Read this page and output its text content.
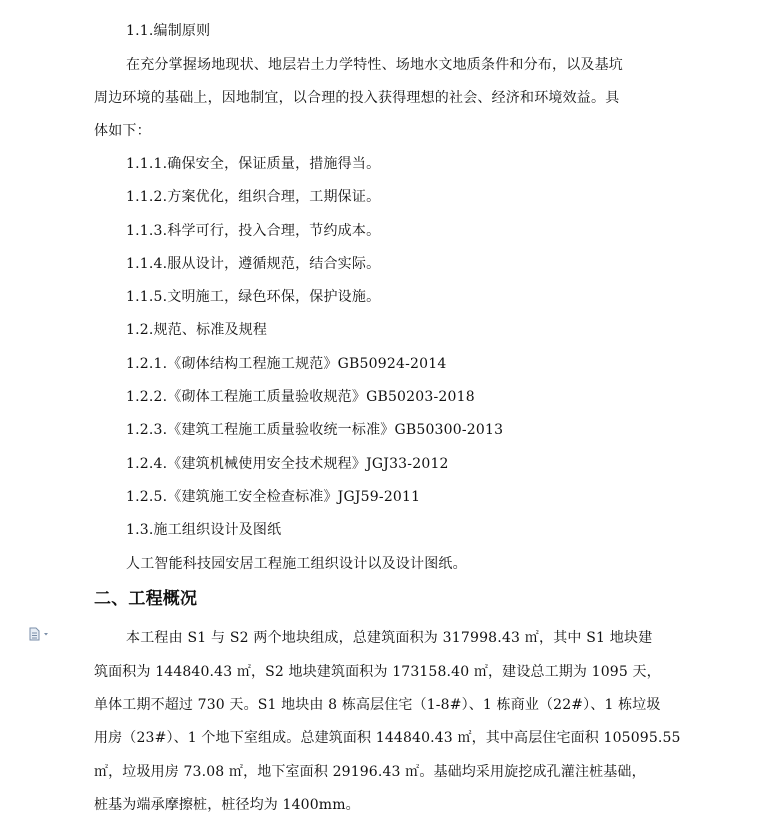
1.1.编制原则
在充分掌握场地现状、地层岩土力学特性、场地水文地质条件和分布，以及基坑
周边环境的基础上，因地制宜，以合理的投入获得理想的社会、经济和环境效益。具
体如下：
1.1.1.确保安全，保证质量，措施得当。
1.1.2.方案优化，组织合理，工期保证。
1.1.3.科学可行，投入合理，节约成本。
1.1.4.服从设计，遵循规范，结合实际。
1.1.5.文明施工，绿色环保，保护设施。
1.2.规范、标准及规程
1.2.1.《砌体结构工程施工规范》GB50924-2014
1.2.2.《砌体工程施工质量验收规范》GB50203-2018
1.2.3.《建筑工程施工质量验收统一标准》GB50300-2013
1.2.4.《建筑机械使用安全技术规程》JGJ33-2012
1.2.5.《建筑施工安全检查标准》JGJ59-2011
1.3.施工组织设计及图纸
人工智能科技园安居工程施工组织设计以及设计图纸。
二、工程概况
本工程由 S1 与 S2 两个地块组成，总建筑面积为 317998.43 ㎡，其中 S1 地块建
筑面积为 144840.43 ㎡，S2 地块建筑面积为 173158.40 ㎡，建设总工期为 1095 天，
单体工期不超过 730 天。S1 地块由 8 栋高层住宅（1-8#）、1 栋商业（22#）、1 栋垃圾
用房（23#）、1 个地下室组成。总建筑面积 144840.43 ㎡，其中高层住宅面积 105095.55
㎡，垃圾用房 73.08 ㎡，地下室面积 29196.43 ㎡。基础均采用旋挖成孔灌注桩基础，
桩基为端承摩擦桩，桩径均为 1400mm。
